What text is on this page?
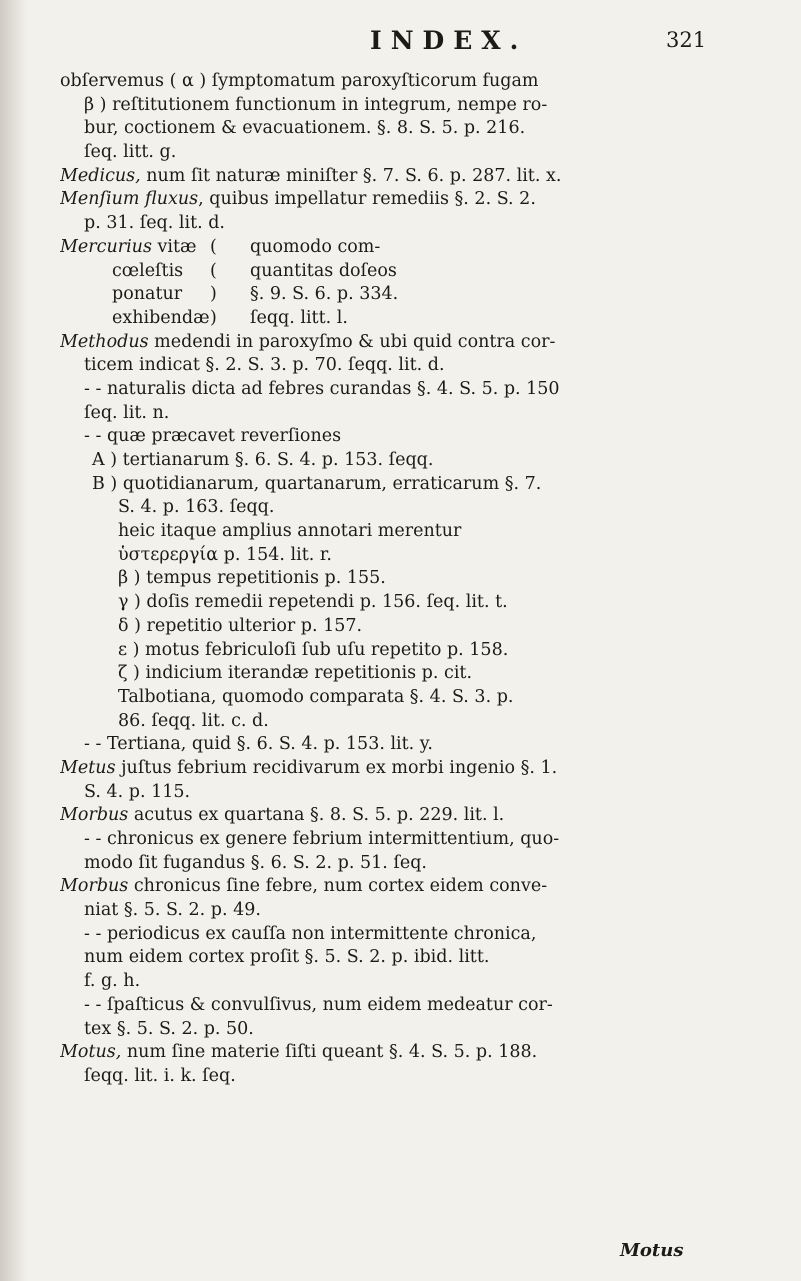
INDEX.	321
obſervemus ( α ) ſymptomatum paroxyſticorum fugam
β ) reſtitutionem functionum in integrum, nempe ro-
bur, coctionem & evacuationem. §. 8. S. 5. p. 216.
ſeq. litt. g.
Medicus, num ſit naturæ miniſter §. 7. S. 6. p. 287. lit. x.
Menſium fluxus, quibus impellatur remediis §. 2. S. 2.
p. 31. ſeq. lit. d.
Mercurius vitæ (	quomodo com-
cœleſtis	(	quantitas doſeos
ponatur	)	§. 9. S. 6. p. 334.
exhibendæ )	ſeqq. litt. l.
Methodus medendi in paroxyſmo & ubi quid contra cor-
ticem indicat §. 2. S. 3. p. 70. ſeqq. lit. d.
- - naturalis dicta ad febres curandas §. 4. S. 5. p. 150
ſeq. lit. n.
- - quæ præcavet reverſiones
A ) tertianarum §. 6. S. 4. p. 153. ſeqq.
B ) quotidianarum, quartanarum, erraticarum §. 7.
S. 4. p. 163. ſeqq.
heic itaque amplius annotari merentur
ὑστερεργία p. 154. lit. r.
β ) tempus repetitionis p. 155.
γ ) doſis remedii repetendi p. 156. ſeq. lit. t.
δ ) repetitio ulterior p. 157.
ε ) motus febriculoſi ſub uſu repetito p. 158.
ζ ) indicium iterandæ repetitionis p. cit.
Talbotiana, quomodo comparata §. 4. S. 3. p.
86. ſeqq. lit. c. d.
- - Tertiana, quid §. 6. S. 4. p. 153. lit. y.
Metus juſtus febrium recidivarum ex morbi ingenio §. 1.
S. 4. p. 115.
Morbus acutus ex quartana §. 8. S. 5. p. 229. lit. l.
- - chronicus ex genere febrium intermittentium, quo-
modo ſit fugandus §. 6. S. 2. p. 51. ſeq.
Morbus chronicus ſine febre, num cortex eidem conve-
niat §. 5. S. 2. p. 49.
- - periodicus ex cauſſa non intermittente chronica,
num eidem cortex proſit §. 5. S. 2. p. ibid. litt.
f. g. h.
- - ſpaſticus & convulſivus, num eidem medeatur cor-
tex §. 5. S. 2. p. 50.
Motus, num ſine materie ſiſti queant §. 4. S. 5. p. 188.
ſeqq. lit. i. k. ſeq.
Motus
